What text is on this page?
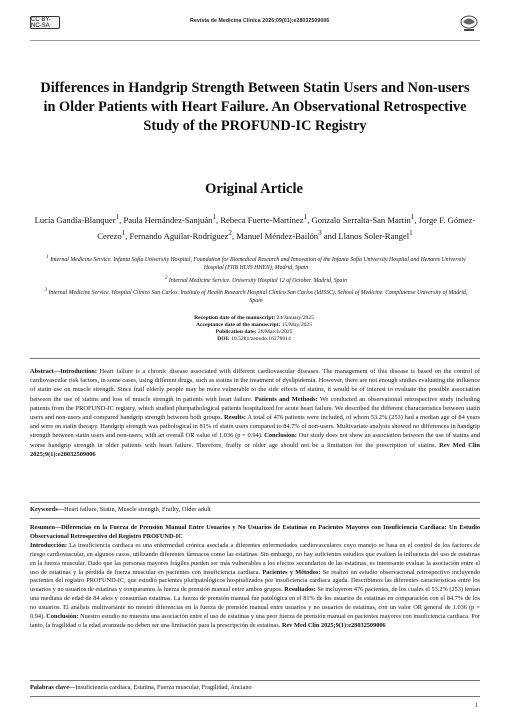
CC BY-NC-SA
Revista de Medicina Clínica 2025;09(01):e28032509006
Differences in Handgrip Strength Between Statin Users and Non-users in Older Patients with Heart Failure. An Observational Retrospective Study of the PROFUND-IC Registry
Original Article
Lucía Gandía-Blanquer$^1$, Paula Hernández-Sanjuán$^1$, Rebeca Fuerte-Martínez$^1$, Gonzalo Serralta-San Martin$^1$, Jorge F. Gómez-Cerezo$^1$, Fernando Aguilar-Rodríguez$^2$, Manuel Méndez-Bailón$^3$ and Llanos Soler-Rangel$^1$
$^1$ Internal Medicine Service. Infanta Sofía University Hospital, Foundation for Biomedical Research and Innovation of the Infanta Sofía University Hospital and Henares University Hospital (FIIB HUIS HHEN), Madrid, Spain
$^2$ Internal Medicine Service. University Hospital 12 of October. Madrid, Spain
$^3$ Internal Medicine Service. Hospital Clínico San Carlos. Instituto of Health Research Hospital Clínico San Carlos (IdISSC). School of Medicine. Complutense University of Madrid, Spain
Reception date of the manuscript: 24/January/2025
Acceptance date of the manuscript: 15/May/2025
Publication date: 28/March/2025
DOI: 10.5281/zenodo.16278014
Abstract—Introduction: Heart failure is a chronic disease associated with different cardiovascular diseases. The management of this disease is based on the control of cardiovascular risk factors, in some cases, using different drugs, such as statins in the treatment of dyslipidemia. However, there are not enough studies evaluating the influence of statin use on muscle strength. Since frail elderly people may be more vulnerable to the side effects of statins, it would be of interest to evaluate the possible association between the use of statins and loss of muscle strength in patients with heart failure. Patients and Methods: We conducted an observational retrospective study including patients from the PROFUND-IC registry, which studied pluripathological patients hospitalized for acute heart failure. We described the different characteristics between statin users and non-users and compared handgrip strength between both groups. Results: A total of 476 patients were included, of whom 53.2% (253) had a median age of 84 years and were on statin therapy. Handgrip strength was pathological in 81% of statin users compared to 84.7% of non-users. Multivariate analysis showed no differences in handgrip strength between statin users and non-users, with an overall OR value of 1.036 (p = 0.94). Conclusion: Our study does not show an association between the use of statins and worse handgrip strength in older patients with heart failure. Therefore, frailty or older age should not be a limitation for the prescription of statins. Rev Med Clin 2025;9(1):e28032509006
Keywords—Heart failure, Statin, Muscle strength, Frailty, Older adult
Resumen—Diferencias en la Fuerza de Prensión Manual Entre Usuarios y No Usuarios de Estatinas en Pacientes Mayores con Insuficiencia Cardiaca: Un Estudio Observacional Retrospectivo del Registro PROFUND-IC
Introducción: La insuficiencia cardiaca es una enfermedad crónica asociada a diferentes enfermedades cardiovasculares cuyo manejo se basa en el control de los factores de riesgo cardiovascular, en algunos casos, utilizando diferentes fármacos como las estatinas. Sin embargo, no hay suficientes estudios que evalúen la influencia del uso de estatinas en la fuerza muscular. Dado que las personas mayores frágiles pueden ser más vulnerables a los efectos secundarios de las estatinas, es interesante evaluar la asociación entre el uso de estatinas y la pérdida de fuerza muscular en pacientes con insuficiencia cardiaca. Pacientes y Métodos: Se realizó un estudio observacional retrospectivo incluyendo pacientes del registro PROFUND-IC, que estudió pacientes pluripatológicos hospitalizados por insuficiencia cardiaca aguda. Describimos las diferentes características entre los usuarios y no usuarios de estatinas y comparamos la fuerza de prensión manual entre ambos grupos. Resultados: Se incluyeron 476 pacientes, de los cuales el 53.2% (253) tenían una mediana de edad de 84 años y consumían estatinas. La fuerza de prensión manual fue patológica en el 81% de los usuarios de estatinas en comparación con el 84.7% de los no usuarios. El análisis multivariante no mostró diferencias en la fuerza de prensión manual entre usuarios y no usuarios de estatinas, con un valor OR general de 1.036 (p = 0.94). Conclusión: Nuestro estudio no muestra una asociación entre el uso de estatinas y una peor fuerza de prensión manual en pacientes mayores con insuficiencia cardiaca. Por tanto, la fragilidad o la edad avanzada no deben ser una limitación para la prescripción de estatinas. Rev Med Clin 2025;9(1):e28032509006
Palabras clave—Insuficiencia cardiaca, Estatina, Fuerza muscular, Fragilidad, Anciano
1
